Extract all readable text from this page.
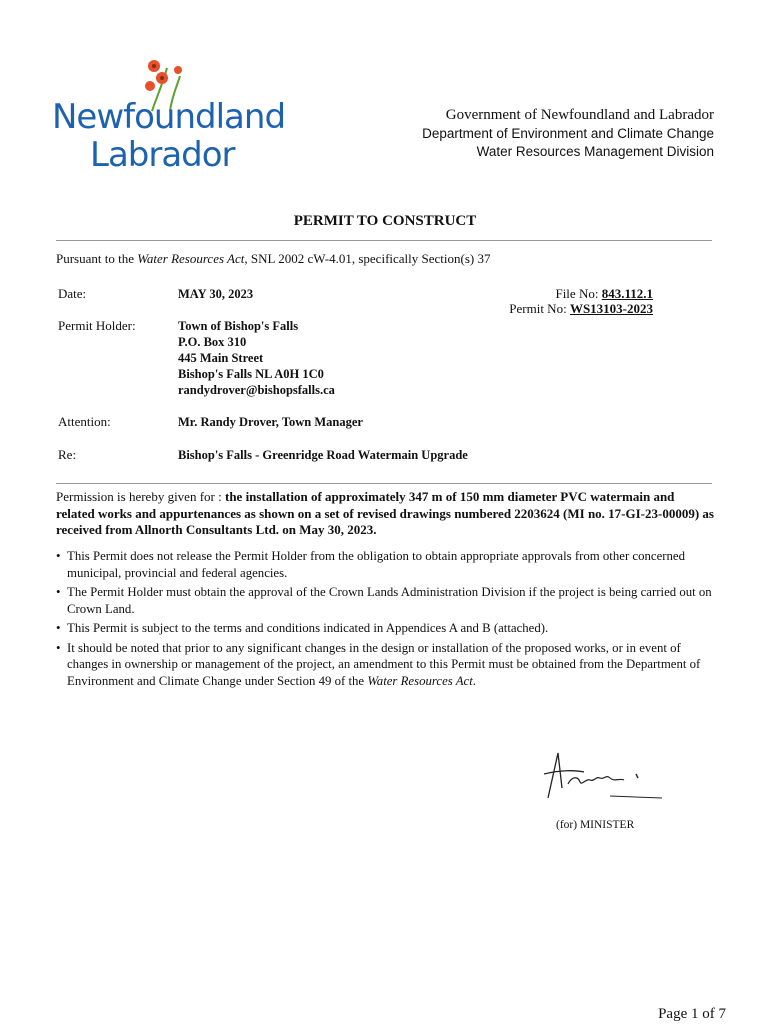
Newfoundland
Labrador
Government of Newfoundland and Labrador
Department of Environment and Climate Change
Water Resources Management Division
PERMIT TO CONSTRUCT
Pursuant to the Water Resources Act, SNL 2002 cW-4.01, specifically Section(s) 37
Date:	MAY 30, 2023	File No: 843.112.1
Permit No: WS13103-2023
Permit Holder:	Town of Bishop's Falls
P.O. Box 310
445 Main Street
Bishop's Falls NL A0H 1C0
randydrover@bishopsfalls.ca
Attention:	Mr. Randy Drover, Town Manager
Re:	Bishop's Falls - Greenridge Road Watermain Upgrade
Permission is hereby given for : the installation of approximately 347 m of 150 mm diameter PVC watermain and related works and appurtenances as shown on a set of revised drawings numbered 2203624 (MI no. 17-GI-23-00009) as received from Allnorth Consultants Ltd. on May 30, 2023.
• This Permit does not release the Permit Holder from the obligation to obtain appropriate approvals from other concerned municipal, provincial and federal agencies.
• The Permit Holder must obtain the approval of the Crown Lands Administration Division if the project is being carried out on Crown Land.
• This Permit is subject to the terms and conditions indicated in Appendices A and B (attached).
• It should be noted that prior to any significant changes in the design or installation of the proposed works, or in event of changes in ownership or management of the project, an amendment to this Permit must be obtained from the Department of Environment and Climate Change under Section 49 of the Water Resources Act.
(for) MINISTER
Page 1 of 7
